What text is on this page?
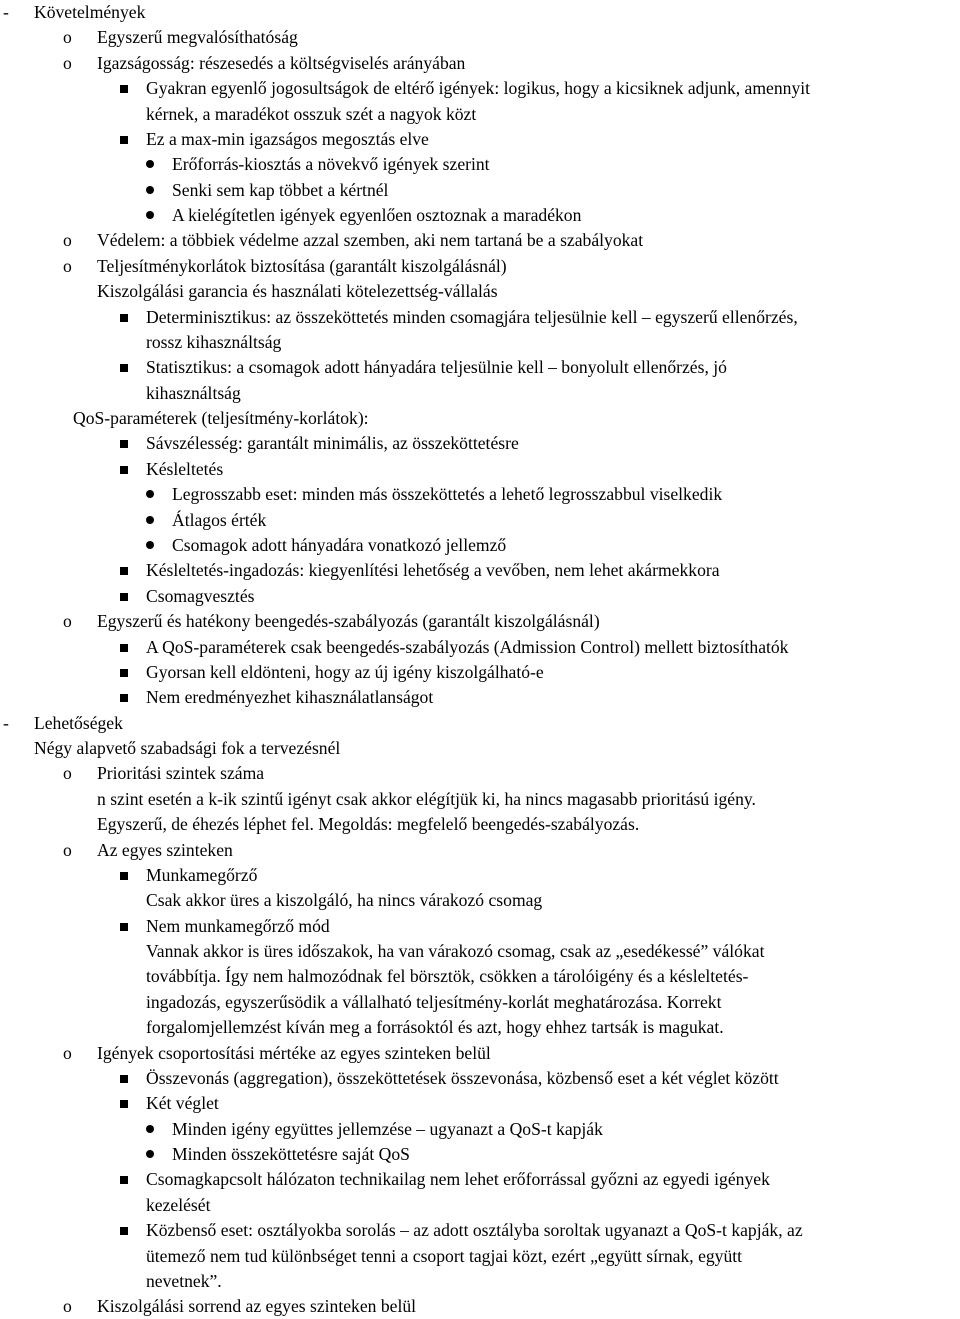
- Követelmények
o Egyszerű megvalósíthatóság
o Igazságosság: részesedés a költségviselés arányában
Gyakran egyenlő jogosultságok de eltérő igények: logikus, hogy a kicsiknek adjunk, amennyit
kérnek, a maradékot osszuk szét a nagyok közt
Ez a max-min igazságos megosztás elve
Erőforrás-kiosztás a növekvő igények szerint
Senki sem kap többet a kértnél
A kielégítetlen igények egyenlően osztoznak a maradékon
o Védelem: a többiek védelme azzal szemben, aki nem tartaná be a szabályokat
o Teljesítménykorlátok biztosítása (garantált kiszolgálásnál)
Kiszolgálási garancia és használati kötelezettség-vállalás
Determinisztikus: az összeköttetés minden csomagjára teljesülnie kell – egyszerű ellenőrzés,
rossz kihasználtság
Statisztikus: a csomagok adott hányadára teljesülnie kell – bonyolult ellenőrzés, jó
kihasználtság
QoS-paraméterek (teljesítmény-korlátok):
Sávszélesség: garantált minimális, az összeköttetésre
Késleltetés
Legrosszabb eset: minden más összeköttetés a lehető legrosszabbul viselkedik
Átlagos érték
Csomagok adott hányadára vonatkozó jellemző
Késleltetés-ingadozás: kiegyenlítési lehetőség a vevőben, nem lehet akármekkora
Csomagvesztés
o Egyszerű és hatékony beengedés-szabályozás (garantált kiszolgálásnál)
A QoS-paraméterek csak beengedés-szabályozás (Admission Control) mellett biztosíthatók
Gyorsan kell eldönteni, hogy az új igény kiszolgálható-e
Nem eredményezhet kihasználatlanságot
- Lehetőségek
Négy alapvető szabadsági fok a tervezésnél
o Prioritási szintek száma
n szint esetén a k-ik szintű igényt csak akkor elégítjük ki, ha nincs magasabb prioritású igény.
Egyszerű, de éhezés léphet fel. Megoldás: megfelelő beengedés-szabályozás.
o Az egyes szinteken
Munkamegőrző
Csak akkor üres a kiszolgáló, ha nincs várakozó csomag
Nem munkamegőrző mód
Vannak akkor is üres időszakok, ha van várakozó csomag, csak az „esedékessé” válókat
továbbítja. Így nem halmozódnak fel börsztök, csökken a tárolóigény és a késleltetés-
ingadozás, egyszerűsödik a vállalható teljesítmény-korlát meghatározása. Korrekt
forgalomjellemzést kíván meg a forrásoktól és azt, hogy ehhez tartsák is magukat.
o Igények csoportosítási mértéke az egyes szinteken belül
Összevonás (aggregation), összeköttetések összevonása, közbenső eset a két véglet között
Két véglet
Minden igény együttes jellemzése – ugyanazt a QoS-t kapják
Minden összeköttetésre saját QoS
Csomagkapcsolt hálózaton technikailag nem lehet erőforrással győzni az egyedi igények
kezelését
Közbenső eset: osztályokba sorolás – az adott osztályba soroltak ugyanazt a QoS-t kapják, az
ütemező nem tud különbséget tenni a csoport tagjai közt, ezért „együtt sírnak, együtt
nevetnek”.
o Kiszolgálási sorrend az egyes szinteken belül
